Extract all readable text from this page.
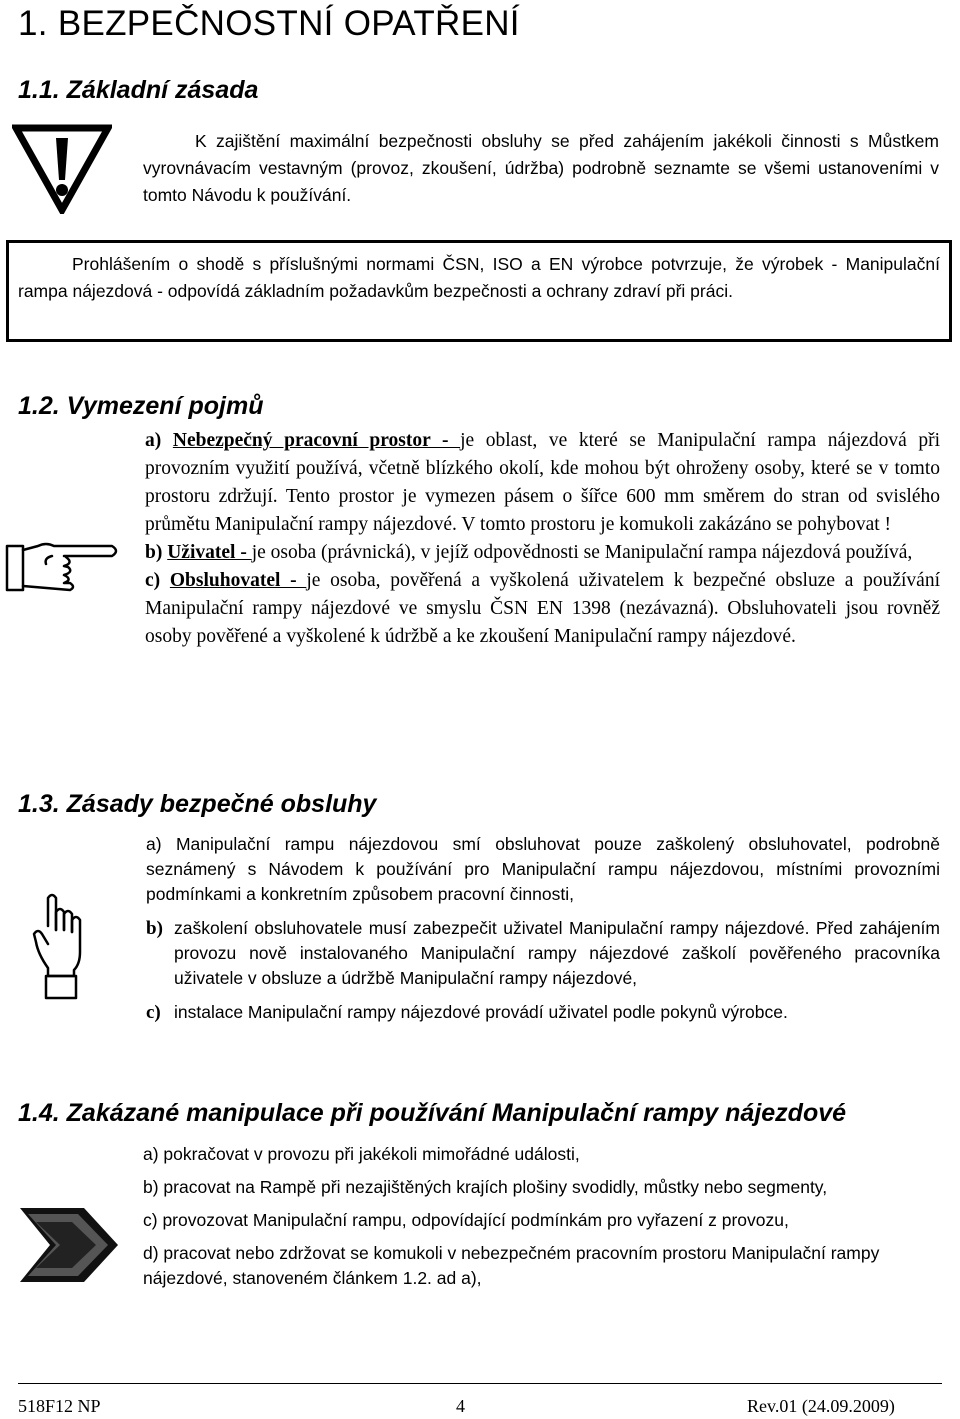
1. BEZPEČNOSTNÍ OPATŘENÍ
1.1. Základní zásada
K zajištění maximální bezpečnosti obsluhy se před zahájením jakékoli činnosti s Můstkem vyrovnávacím vestavným (provoz, zkoušení, údržba) podrobně seznamte se všemi ustanoveními v tomto Návodu k používání.
Prohlášením o shodě s příslušnými normami ČSN, ISO a EN výrobce potvrzuje, že výrobek - Manipulační rampa nájezdová - odpovídá základním požadavkům bezpečnosti a ochrany zdraví při práci.
1.2. Vymezení pojmů
a) Nebezpečný pracovní prostor - je oblast, ve které se Manipulační rampa nájezdová při provozním využití používá, včetně blízkého okolí, kde mohou být ohroženy osoby, které se v tomto prostoru zdržují. Tento prostor je vymezen pásem o šířce 600 mm směrem do stran od svislého průmětu Manipulační rampy nájezdové. V tomto prostoru je komukoli zakázáno se pohybovat !
b) Uživatel - je osoba (právnická), v jejíž odpovědnosti se Manipulační rampa nájezdová používá,
c) Obsluhovatel - je osoba, pověřená a vyškolená uživatelem k bezpečné obsluze a používání Manipulační rampy nájezdové ve smyslu ČSN EN 1398 (nezávazná). Obsluhovateli jsou rovněž osoby pověřené a vyškolené k údržbě a ke zkoušení Manipulační rampy nájezdové.
1.3. Zásady bezpečné obsluhy
a) Manipulační rampu nájezdovou smí obsluhovat pouze zaškolený obsluhovatel, podrobně seznámený s Návodem k používání pro Manipulační rampu nájezdovou, místními provozními podmínkami a konkretním způsobem pracovní činnosti,
b) zaškolení obsluhovatele musí zabezpečit uživatel Manipulační rampy nájezdové. Před zahájením provozu nově instalovaného Manipulační rampy nájezdové zaškolí pověřeného pracovníka uživatele v obsluze a údržbě Manipulační rampy nájezdové,
c) instalace Manipulační rampy nájezdové provádí uživatel podle pokynů výrobce.
1.4. Zakázané manipulace při používání Manipulační rampy nájezdové
a) pokračovat v provozu při jakékoli mimořádné události,
b) pracovat na Rampě při nezajištěných krajích plošiny svodidly, můstky nebo segmenty,
c) provozovat Manipulační rampu, odpovídající podmínkám pro vyřazení z provozu,
d) pracovat nebo zdržovat se komukoli v nebezpečném pracovním prostoru Manipulační rampy nájezdové, stanoveném článkem 1.2. ad a),
518F12 NP	4	Rev.01 (24.09.2009)
